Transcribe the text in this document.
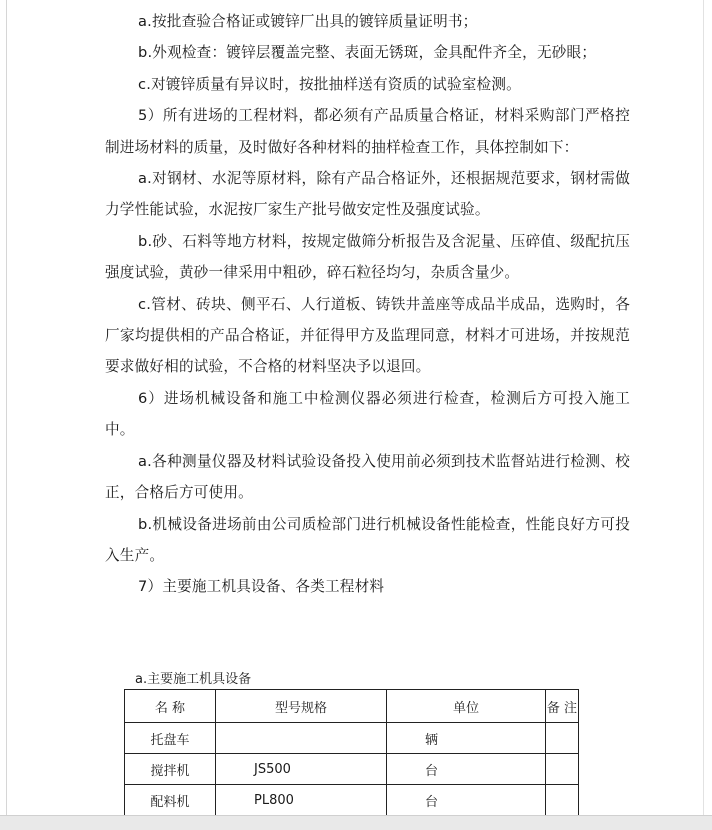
a.按批查验合格证或镀锌厂出具的镀锌质量证明书；

b.外观检查：镀锌层覆盖完整、表面无锈斑，金具配件齐全，无砂眼；

c.对镀锌质量有异议时，按批抽样送有资质的试验室检测。

5）所有进场的工程材料，都必须有产品质量合格证，材料采购部门严格控制进场材料的质量，及时做好各种材料的抽样检查工作，具体控制如下：

a.对钢材、水泥等原材料，除有产品合格证外，还根据规范要求，钢材需做力学性能试验，水泥按厂家生产批号做安定性及强度试验。

b.砂、石料等地方材料，按规定做筛分析报告及含泥量、压碎值、级配抗压强度试验，黄砂一律采用中粗砂，碎石粒径均匀，杂质含量少。

c.管材、砖块、侧平石、人行道板、铸铁井盖座等成品半成品，选购时，各厂家均提供相的产品合格证，并征得甲方及监理同意，材料才可进场，并按规范要求做好相的试验，不合格的材料坚决予以退回。

6）进场机械设备和施工中检测仪器必须进行检查，检测后方可投入施工中。

a.各种测量仪器及材料试验设备投入使用前必须到技术监督站进行检测、校正，合格后方可使用。

b.机械设备进场前由公司质检部门进行机械设备性能检查，性能良好方可投入生产。

7）主要施工机具设备、各类工程材料

a.主要施工机具设备
名 称	型号规格	单位	备 注
托盘车		辆	
搅拌机	JS500	台	
配料机	PL800	台	
